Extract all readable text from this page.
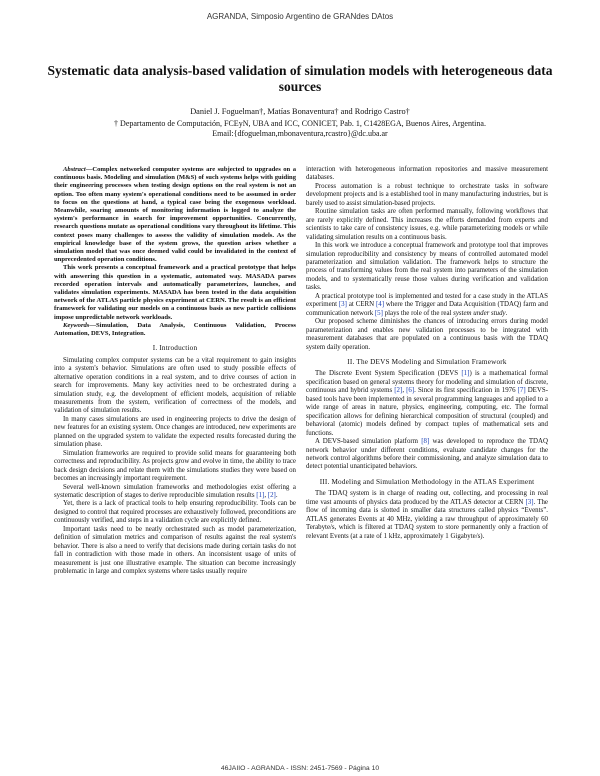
AGRANDA, Simposio Argentino de GRANdes DAtos
Systematic data analysis-based validation of simulation models with heterogeneous data sources
Daniel J. Foguelman†, Matías Bonaventura† and Rodrigo Castro†
† Departamento de Computación, FCEyN, UBA and ICC, CONICET, Pab. 1, C1428EGA, Buenos Aires, Argentina.
Email:{dfoguelman,mbonaventura,rcastro}@dc.uba.ar

Abstract—Complex networked computer systems are subjected to upgrades on a continuous basis. Modeling and simulation (M&S) of such systems helps with guiding their engineering processes when testing design options on the real system is not an option. Too often many system's operational conditions need to be assumed in order to focus on the questions at hand, a typical case being the exogenous workload. Meanwhile, soaring amounts of monitoring information is logged to analyze the system's performance in search for improvement opportunities. Concurrently, research questions mutate as operational conditions vary throughout its lifetime. This context poses many challenges to assess the validity of simulation models. As the empirical knowledge base of the system grows, the question arises whether a simulation model that was once deemed valid could be invalidated in the context of unprecedented operation conditions.

This work presents a conceptual framework and a practical prototype that helps with answering this question in a systematic, automated way. MASADA parses recorded operation intervals and automatically parameterizes, launches, and validates simulation experiments. MASADA has been tested in the data acquisition network of the ATLAS particle physics experiment at CERN. The result is an efficient framework for validating our models on a continuous basis as new particle collisions impose unpredictable network workloads.

Keywords—Simulation, Data Analysis, Continuous Validation, Process Automation, DEVS, Integration.

I. Introduction

Simulating complex computer systems can be a vital requirement to gain insights into a system's behavior. Simulations are often used to study possible effects of alternative operation conditions in a real system, and to drive courses of action in search for improvements. Many key activities need to be orchestrated during a simulation study, e.g. the development of efficient models, acquisition of reliable measurements from the system, verification of correctness of the models, and validation of simulation results.

In many cases simulations are used in engineering projects to drive the design of new features for an existing system. Once changes are introduced, new experiments are planned on the upgraded system to validate the expected results forecasted during the simulation phase.

Simulation frameworks are required to provide solid means for guaranteeing both correctness and reproducibility. As projects grow and evolve in time, the ability to trace back design decisions and relate them with the simulations studies they were based on becomes an increasingly important requirement.

Several well-known simulation frameworks and methodologies exist offering a systematic description of stages to derive reproducible simulation results [1], [2].

Yet, there is a lack of practical tools to help ensuring reproducibility. Tools can be designed to control that required processes are exhaustively followed, preconditions are continuously verified, and steps in a validation cycle are explicitly defined.

Important tasks need to be neatly orchestrated such as model parameterization, definition of simulation metrics and comparison of results against the real system's behavior. There is also a need to verify that decisions made during certain tasks do not fall in contradiction with those made in others. An inconsistent usage of units of measurement is just one illustrative example. The situation can become increasingly problematic in large and complex systems where tasks usually require

interaction with heterogeneous information repositories and massive measurement databases.

Process automation is a robust technique to orchestrate tasks in software development projects and is a established tool in many manufacturing industries, but is barely used to assist simulation-based projects.

Routine simulation tasks are often performed manually, following workflows that are rarely explicitly defined. This increases the efforts demanded from experts and scientists to take care of consistency issues, e.g. while parameterizing models or while validating simulation results on a continuous basis.

In this work we introduce a conceptual framework and prototype tool that improves simulation reproducibility and consistency by means of controlled automated model parameterization and simulation validation. The framework helps to structure the process of transforming values from the real system into parameters of the simulation models, and to systematically reuse those values during verification and validation tasks.

A practical prototype tool is implemented and tested for a case study in the ATLAS experiment [3] at CERN [4] where the Trigger and Data Acquisition (TDAQ) farm and communication network [5] plays the role of the real system under study.

Our proposed scheme diminishes the chances of introducing errors during model parameterization and enables new validation processes to be integrated with measurement databases that are populated on a continuous basis with the TDAQ system daily operation.

II. The DEVS Modeling and Simulation Framework

The Discrete Event System Specification (DEVS [1]) is a mathematical formal specification based on general systems theory for modeling and simulation of discrete, continuous and hybrid systems [2], [6]. Since its first specification in 1976 [7] DEVS-based tools have been implemented in several programming languages and applied to a wide range of areas in nature, physics, engineering, computing, etc. The formal specification allows for defining hierarchical composition of structural (coupled) and behavioral (atomic) models defined by compact tuples of mathematical sets and functions.

A DEVS-based simulation platform [8] was developed to reproduce the TDAQ network behavior under different conditions, evaluate candidate changes for the network control algorithms before their commissioning, and analyze simulation data to detect potential unanticipated behaviors.

III. Modeling and Simulation Methodology in the ATLAS Experiment

The TDAQ system is in charge of reading out, collecting, and processing in real time vast amounts of physics data produced by the ATLAS detector at CERN [3]. The flow of incoming data is slotted in smaller data structures called physics “Events”. ATLAS generates Events at 40 MHz, yielding a raw throughput of approximately 60 Terabyte/s, which is filtered at TDAQ system to store permanently only a fraction of relevant Events (at a rate of 1 kHz, approximately 1 Gigabyte/s).

46JAIIO - AGRANDA - ISSN: 2451-7569 - Página 10
